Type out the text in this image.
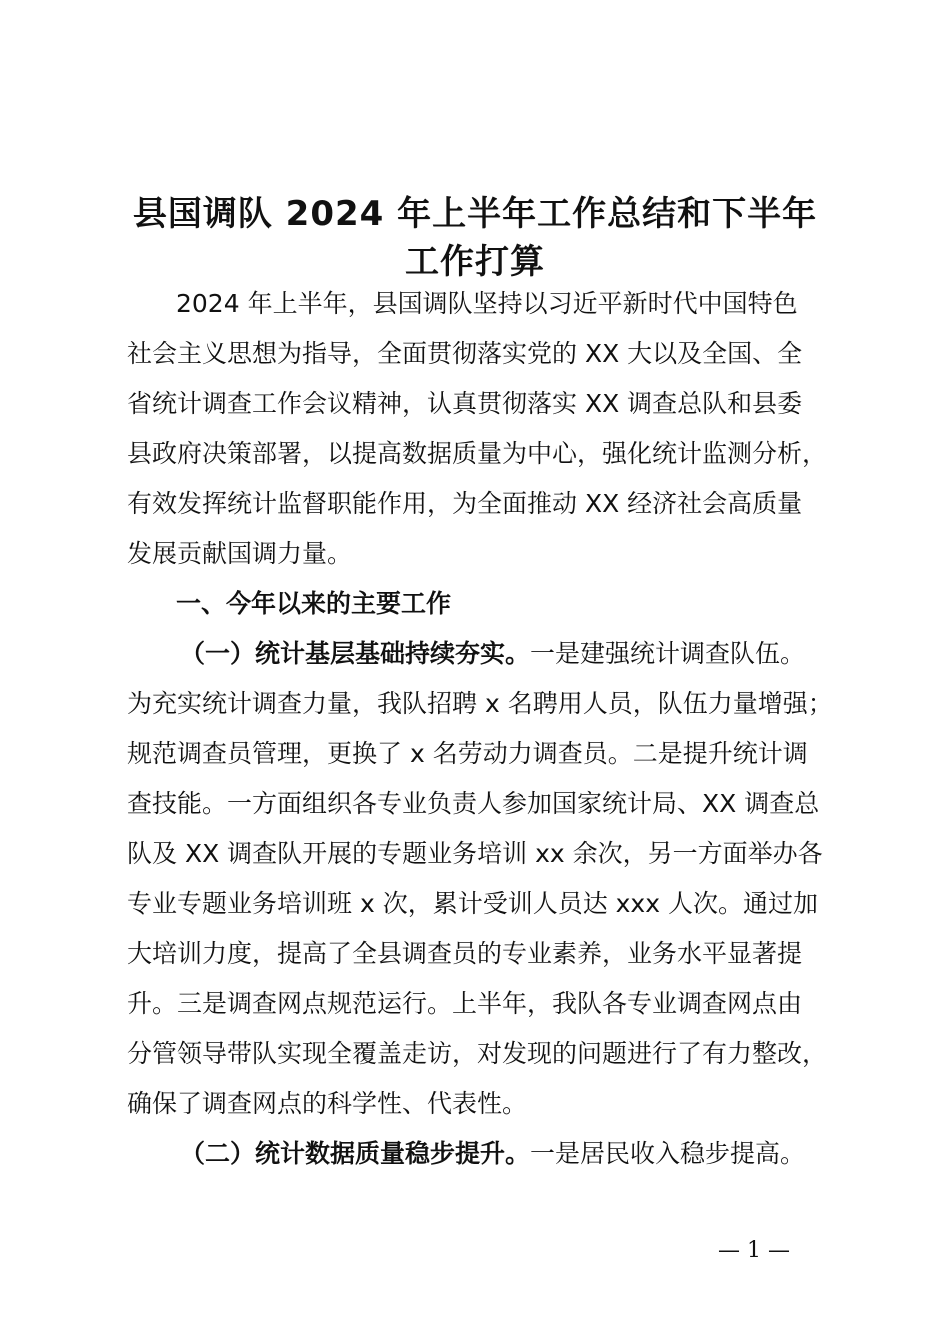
县国调队 2024 年上半年工作总结和下半年
工作打算
2024 年上半年，县国调队坚持以习近平新时代中国特色
社会主义思想为指导，全面贯彻落实党的 XX 大以及全国、全
省统计调查工作会议精神，认真贯彻落实 XX 调查总队和县委
县政府决策部署，以提高数据质量为中心，强化统计监测分析，
有效发挥统计监督职能作用，为全面推动 XX 经济社会高质量
发展贡献国调力量。
一、今年以来的主要工作
（一）统计基层基础持续夯实。一是建强统计调查队伍。
为充实统计调查力量，我队招聘 x 名聘用人员，队伍力量增强；
规范调查员管理，更换了 x 名劳动力调查员。二是提升统计调
查技能。一方面组织各专业负责人参加国家统计局、XX 调查总
队及 XX 调查队开展的专题业务培训 xx 余次，另一方面举办各
专业专题业务培训班 x 次，累计受训人员达 xxx 人次。通过加
大培训力度，提高了全县调查员的专业素养，业务水平显著提
升。三是调查网点规范运行。上半年，我队各专业调查网点由
分管领导带队实现全覆盖走访，对发现的问题进行了有力整改，
确保了调查网点的科学性、代表性。
（二）统计数据质量稳步提升。一是居民收入稳步提高。
— 1 —
